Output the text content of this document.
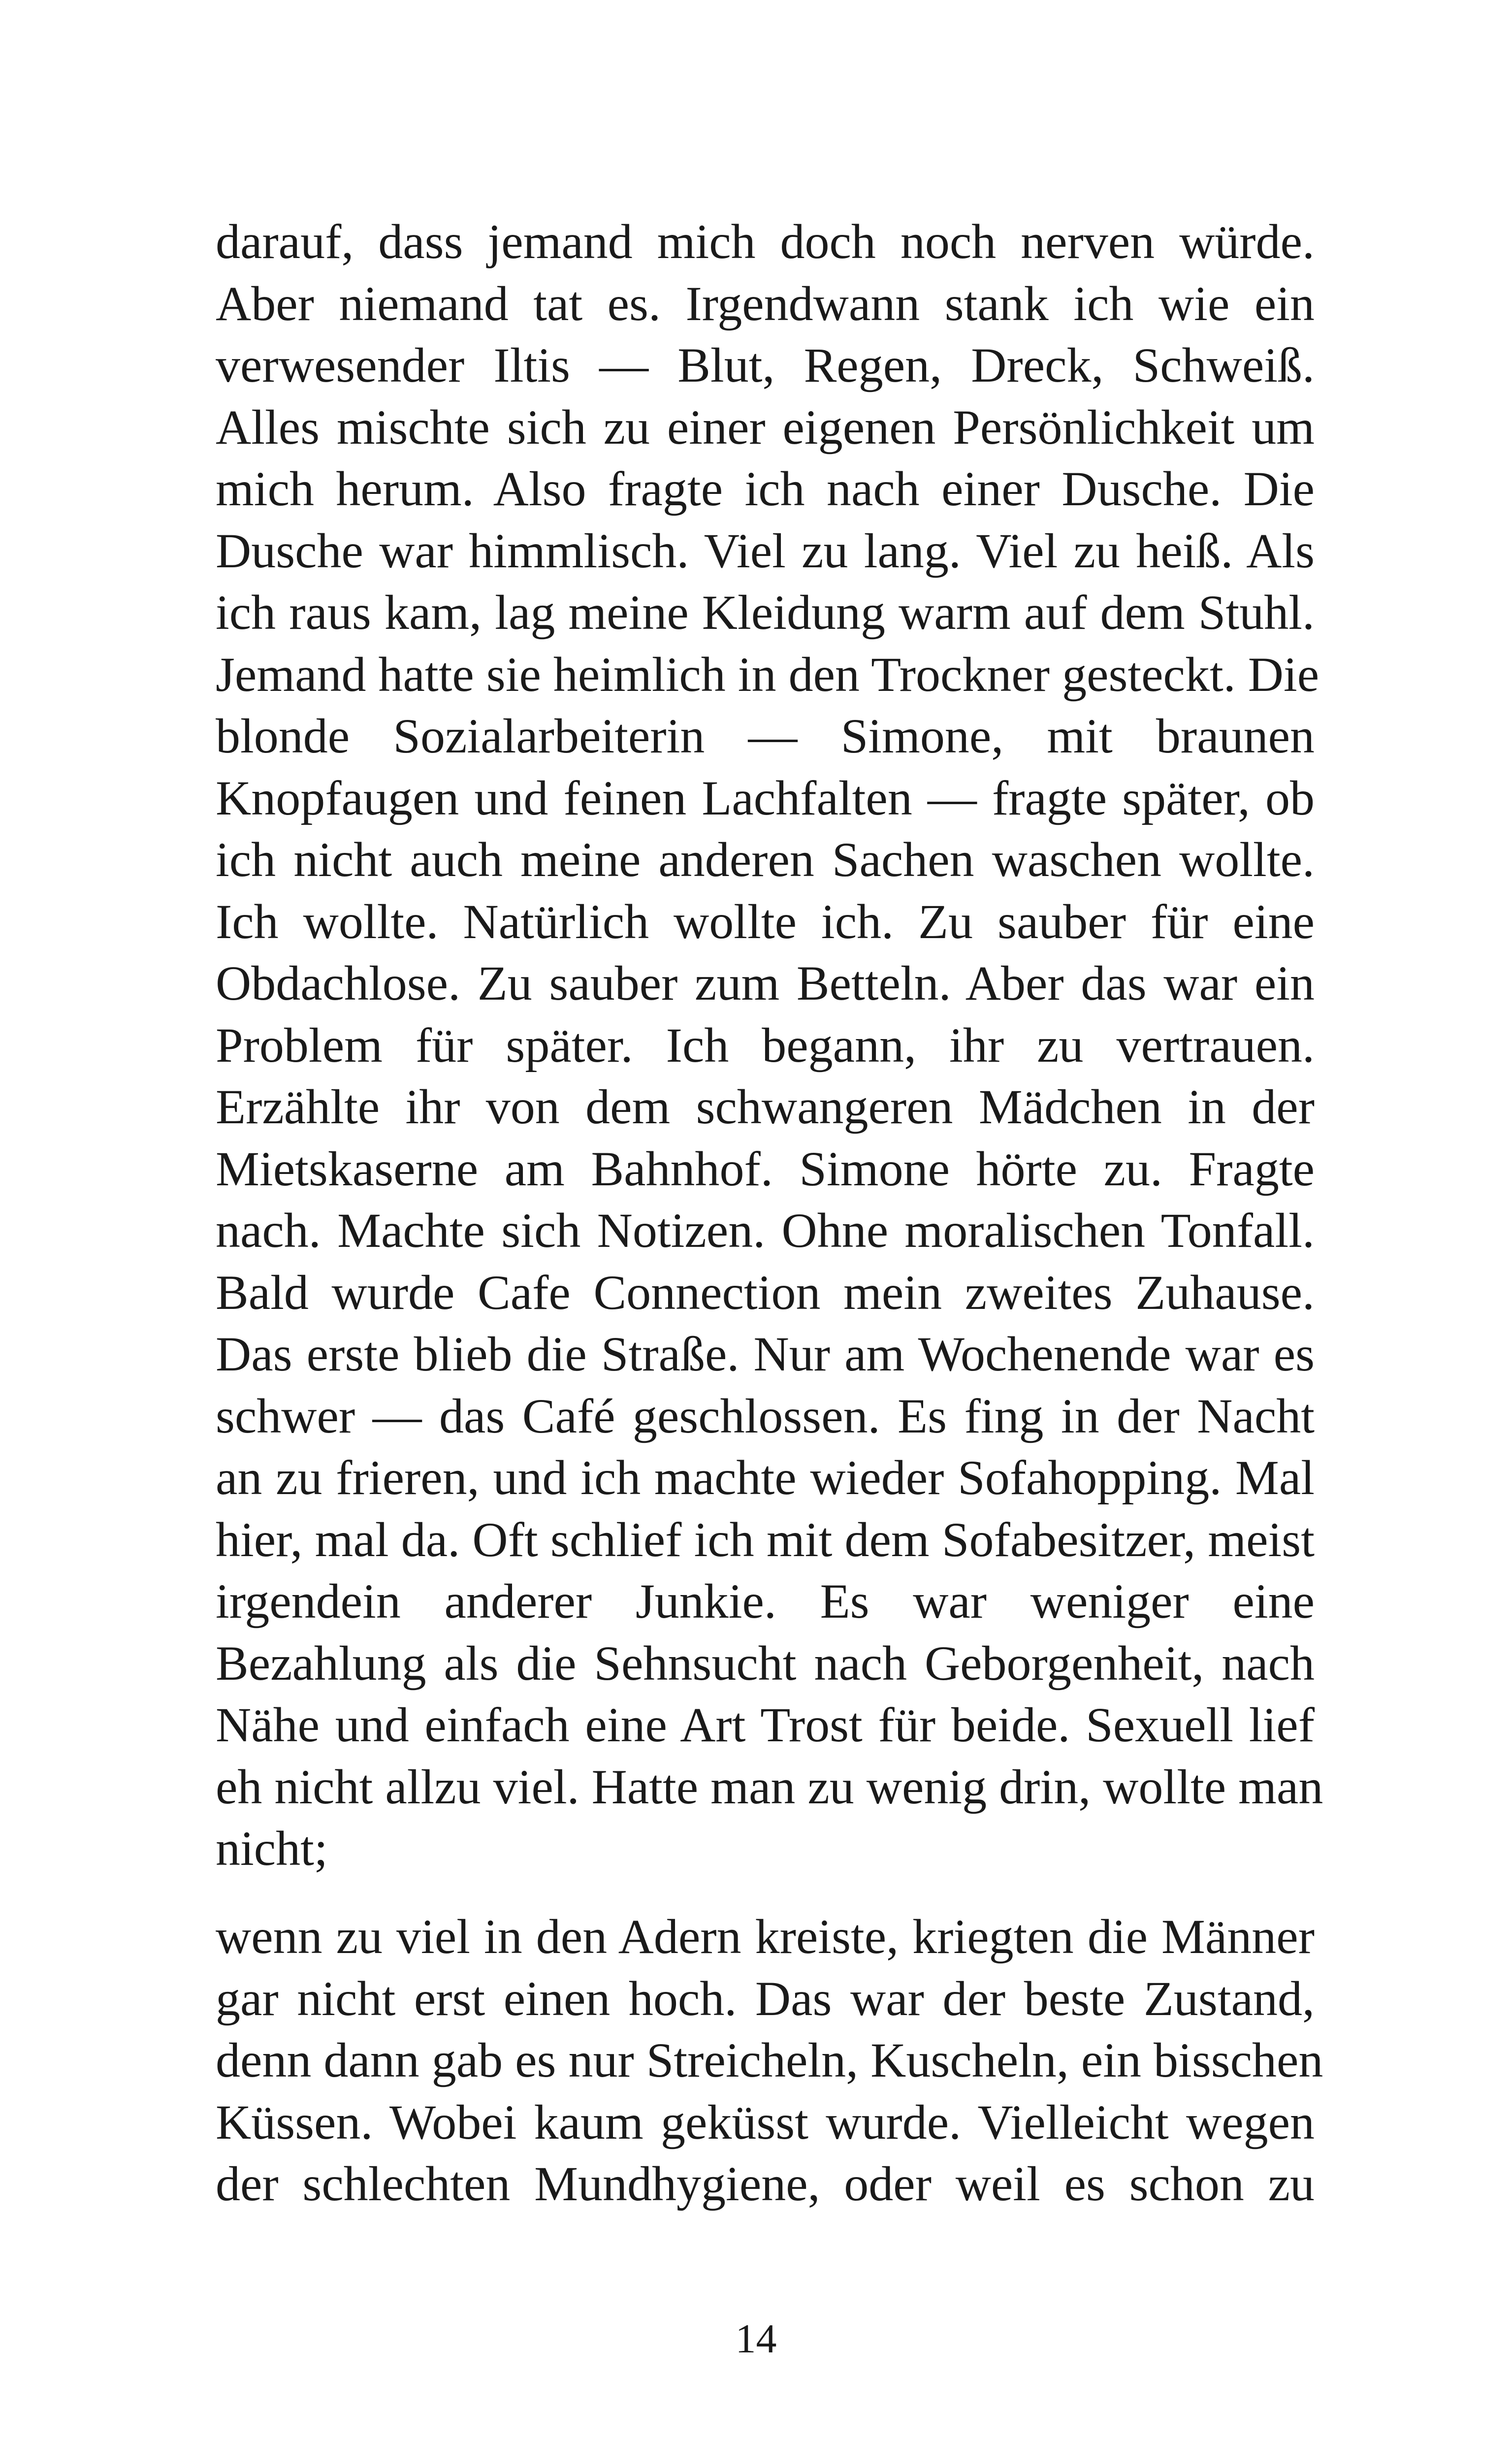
darauf, dass jemand mich doch noch nerven würde.
Aber niemand tat es. Irgendwann stank ich wie ein
verwesender Iltis — Blut, Regen, Dreck, Schweiß.
Alles mischte sich zu einer eigenen Persönlichkeit um
mich herum. Also fragte ich nach einer Dusche. Die
Dusche war himmlisch. Viel zu lang. Viel zu heiß. Als
ich raus kam, lag meine Kleidung warm auf dem Stuhl.
Jemand hatte sie heimlich in den Trockner gesteckt. Die
blonde Sozialarbeiterin — Simone, mit braunen
Knopfaugen und feinen Lachfalten — fragte später, ob
ich nicht auch meine anderen Sachen waschen wollte.
Ich wollte. Natürlich wollte ich. Zu sauber für eine
Obdachlose. Zu sauber zum Betteln. Aber das war ein
Problem für später. Ich begann, ihr zu vertrauen.
Erzählte ihr von dem schwangeren Mädchen in der
Mietskaserne am Bahnhof. Simone hörte zu. Fragte
nach. Machte sich Notizen. Ohne moralischen Tonfall.
Bald wurde Cafe Connection mein zweites Zuhause.
Das erste blieb die Straße. Nur am Wochenende war es
schwer — das Café geschlossen. Es fing in der Nacht
an zu frieren, und ich machte wieder Sofahopping. Mal
hier, mal da. Oft schlief ich mit dem Sofabesitzer, meist
irgendein anderer Junkie. Es war weniger eine
Bezahlung als die Sehnsucht nach Geborgenheit, nach
Nähe und einfach eine Art Trost für beide. Sexuell lief
eh nicht allzu viel. Hatte man zu wenig drin, wollte man
nicht;
wenn zu viel in den Adern kreiste, kriegten die Männer
gar nicht erst einen hoch. Das war der beste Zustand,
denn dann gab es nur Streicheln, Kuscheln, ein bisschen
Küssen. Wobei kaum geküsst wurde. Vielleicht wegen
der schlechten Mundhygiene, oder weil es schon zu
14
